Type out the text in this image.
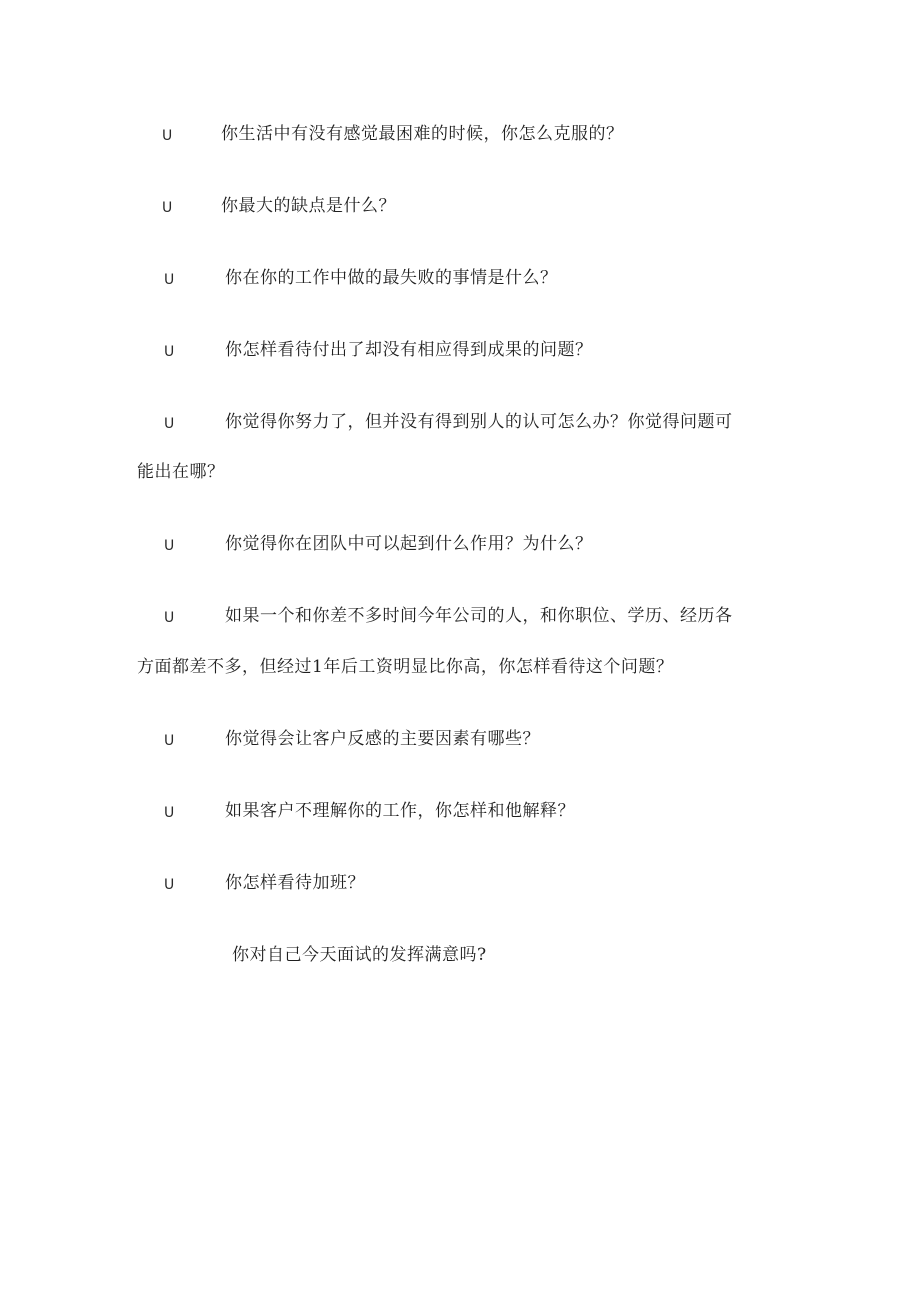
U	你生活中有没有感觉最困难的时候，你怎么克服的？
U	你最大的缺点是什么？
U	你在你的工作中做的最失败的事情是什么？
U	你怎样看待付出了却没有相应得到成果的问题？
U	你觉得你努力了，但并没有得到别人的认可怎么办？你觉得问题可
能出在哪？
U	你觉得你在团队中可以起到什么作用？为什么？
U	如果一个和你差不多时间今年公司的人，和你职位、学历、经历各
方面都差不多，但经过1年后工资明显比你高，你怎样看待这个问题？
U	你觉得会让客户反感的主要因素有哪些？
U	如果客户不理解你的工作，你怎样和他解释？
U	你怎样看待加班？
你对自己今天面试的发挥满意吗?
